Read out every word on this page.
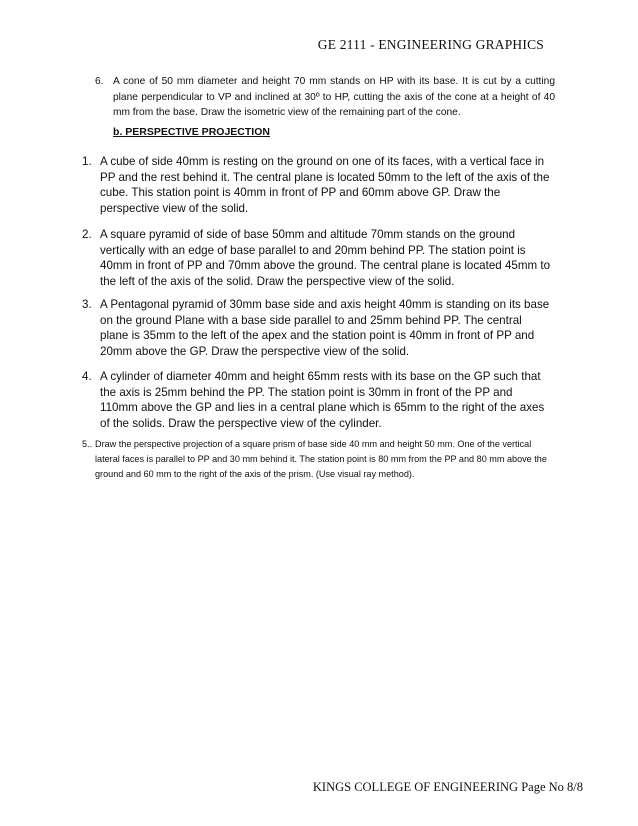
GE 2111 - ENGINEERING GRAPHICS
6. A cone of 50 mm diameter and height 70 mm stands on HP with its base. It is cut by a cutting plane perpendicular to VP and inclined at 30º to HP, cutting the axis of the cone at a height of 40 mm from the base. Draw the isometric view of the remaining part of the cone.
b. PERSPECTIVE PROJECTION
1. A cube of side 40mm is resting on the ground on one of its faces, with a vertical face in PP and the rest behind it. The central plane is located 50mm to the left of the axis of the cube. This station point is 40mm in front of PP and 60mm above GP. Draw the perspective view of the solid.
2. A square pyramid of side of base 50mm and altitude 70mm stands on the ground vertically with an edge of base parallel to and 20mm behind PP. The station point is 40mm in front of PP and 70mm above the ground. The central plane is located 45mm to the left of the axis of the solid. Draw the perspective view of the solid.
3. A Pentagonal pyramid of 30mm base side and axis height 40mm is standing on its base on the ground Plane with a base side parallel to and 25mm behind PP. The central plane is 35mm to the left of the apex and the station point is 40mm in front of PP and 20mm above the GP. Draw the perspective view of the solid.
4. A cylinder of diameter 40mm and height 65mm rests with its base on the GP such that the axis is 25mm behind the PP. The station point is 30mm in front of the PP and 110mm above the GP and lies in a central plane which is 65mm to the right of the axes of the solids. Draw the perspective view of the cylinder.
5.. Draw the perspective projection of a square prism of base side 40 mm and height 50 mm. One of the vertical lateral faces is parallel to PP and 30 mm behind it. The station point is 80 mm from the PP and 80 mm above the ground and 60 mm to the right of the axis of the prism. (Use visual ray method).
KINGS COLLEGE OF ENGINEERING Page No 8/8
